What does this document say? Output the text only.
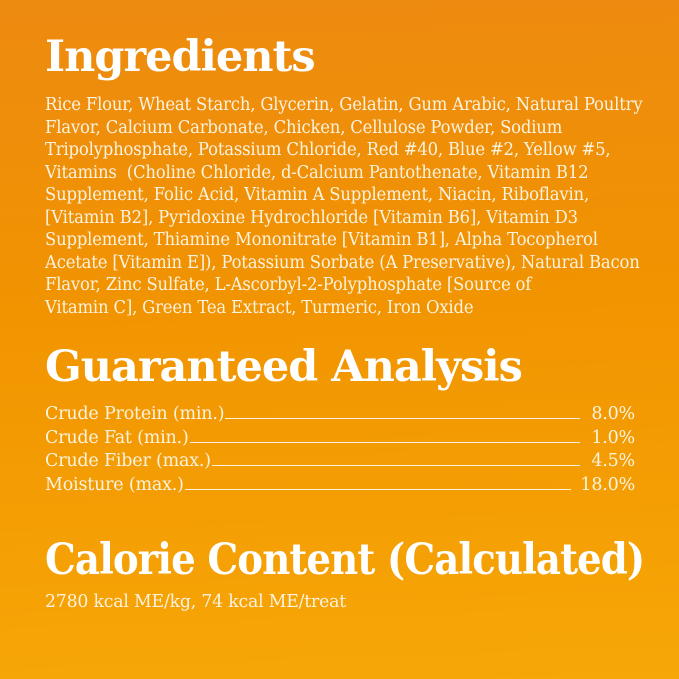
Ingredients
Rice Flour, Wheat Starch, Glycerin, Gelatin, Gum Arabic, Natural Poultry
Flavor, Calcium Carbonate, Chicken, Cellulose Powder, Sodium
Tripolyphosphate, Potassium Chloride, Red #40, Blue #2, Yellow #5,
Vitamins  (Choline Chloride, d-Calcium Pantothenate, Vitamin B12
Supplement, Folic Acid, Vitamin A Supplement, Niacin, Riboflavin,
[Vitamin B2], Pyridoxine Hydrochloride [Vitamin B6], Vitamin D3
Supplement, Thiamine Mononitrate [Vitamin B1], Alpha Tocopherol
Acetate [Vitamin E]), Potassium Sorbate (A Preservative), Natural Bacon
Flavor, Zinc Sulfate, L-Ascorbyl-2-Polyphosphate [Source of
Vitamin C], Green Tea Extract, Turmeric, Iron Oxide
Guaranteed Analysis
Crude Protein (min.)	8.0%
Crude Fat (min.)	1.0%
Crude Fiber (max.)	4.5%
Moisture (max.)	18.0%
Calorie Content (Calculated)
2780 kcal ME/kg, 74 kcal ME/treat
